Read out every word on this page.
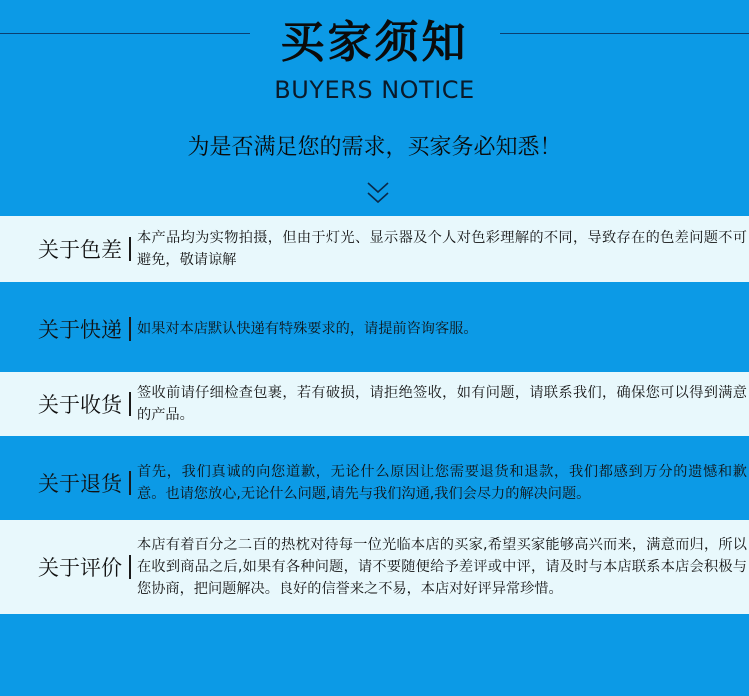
买家须知
BUYERS NOTICE
为是否满足您的需求，买家务必知悉！
关于色差 本产品均为实物拍摄，但由于灯光、显示器及个人对色彩理解的不同，导致存在的色差问题不可避免，敬请谅解
关于快递 如果对本店默认快递有特殊要求的，请提前咨询客服。
关于收货 签收前请仔细检查包裹，若有破损，请拒绝签收，如有问题，请联系我们，确保您可以得到满意的产品。
关于退货 首先，我们真诚的向您道歉，无论什么原因让您需要退货和退款，我们都感到万分的遗憾和歉意。也请您放心,无论什么问题,请先与我们沟通,我们会尽力的解决问题。
关于评价
本店有着百分之二百的热枕对待每一位光临本店的买家,希望买家能够高兴而来，满意而归，所以在收到商品之后,如果有各种问题，请不要随便给予差评或中评，请及时与本店联系本店会积极与您协商，把问题解决。良好的信誉来之不易，本店对好评异常珍惜。
